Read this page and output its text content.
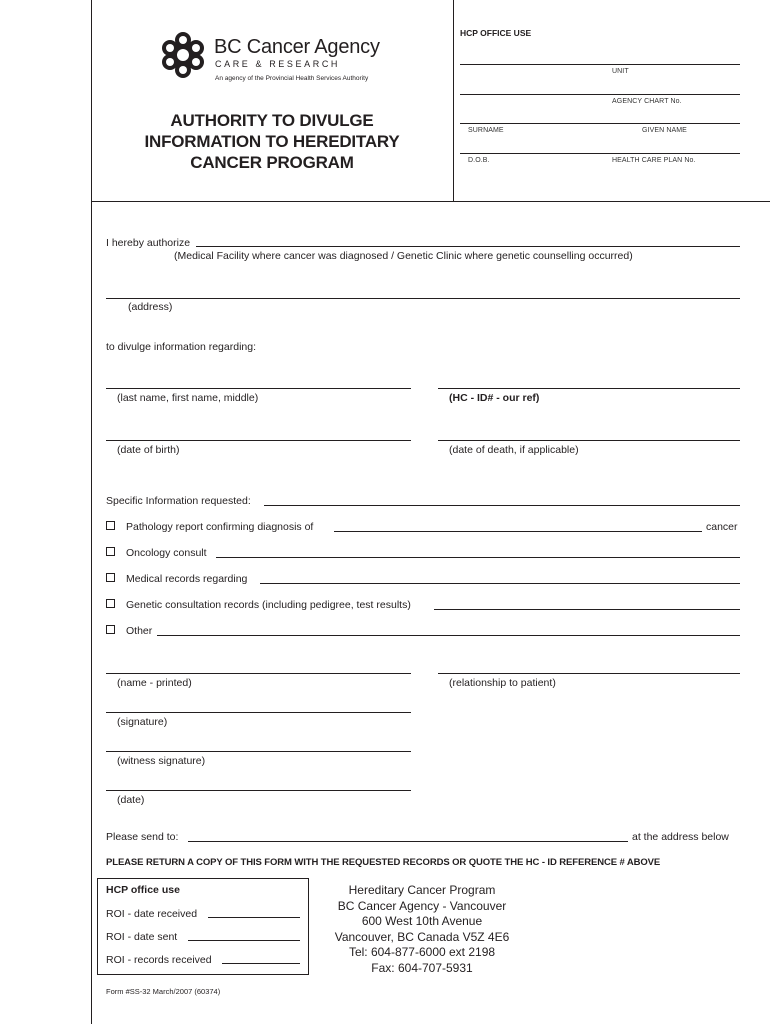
BC Cancer Agency
CARE & RESEARCH
An agency of the Provincial Health Services Authority
AUTHORITY TO DIVULGE
INFORMATION TO HEREDITARY
CANCER PROGRAM
HCP OFFICE USE
UNIT
AGENCY CHART No.
SURNAME	GIVEN NAME
D.O.B.	HEALTH CARE PLAN No.
I hereby authorize
(Medical Facility where cancer was diagnosed / Genetic Clinic where genetic counselling occurred)
(address)
to divulge information regarding:
(last name, first name, middle)	(HC - ID# - our ref)
(date of birth)	(date of death, if applicable)
Specific Information requested:
Pathology report confirming diagnosis of	cancer
Oncology consult
Medical records regarding
Genetic consultation records (including pedigree, test results)
Other
(name - printed)	(relationship to patient)
(signature)
(witness signature)
(date)
Please send to:	at the address below
PLEASE RETURN A COPY OF THIS FORM WITH THE REQUESTED RECORDS OR QUOTE THE HC - ID REFERENCE # ABOVE
HCP office use
ROI - date received
ROI - date sent
ROI - records received
Hereditary Cancer Program
BC Cancer Agency - Vancouver
600 West 10th Avenue
Vancouver, BC Canada V5Z 4E6
Tel: 604-877-6000 ext 2198
Fax: 604-707-5931
Form #SS-32 March/2007 (60374)
